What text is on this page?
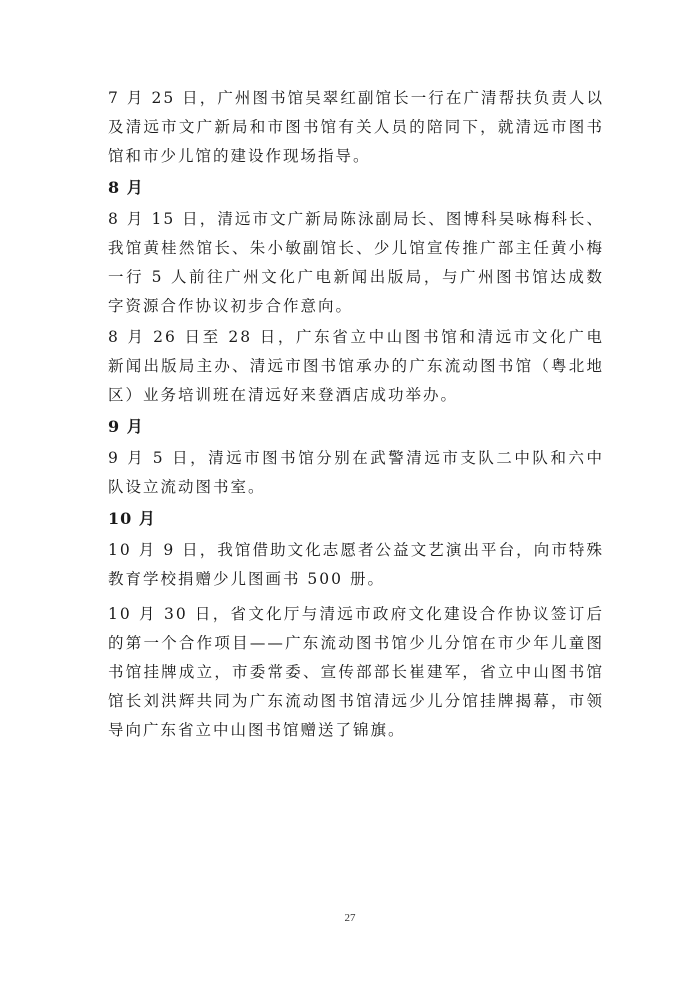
7 月 25 日，广州图书馆吴翠红副馆长一行在广清帮扶负责人以及清远市文广新局和市图书馆有关人员的陪同下，就清远市图书馆和市少儿馆的建设作现场指导。

8 月

8 月 15 日，清远市文广新局陈泳副局长、图博科吴咏梅科长、我馆黄桂然馆长、朱小敏副馆长、少儿馆宣传推广部主任黄小梅一行 5 人前往广州文化广电新闻出版局，与广州图书馆达成数字资源合作协议初步合作意向。

8 月 26 日至 28 日，广东省立中山图书馆和清远市文化广电新闻出版局主办、清远市图书馆承办的广东流动图书馆（粤北地区）业务培训班在清远好来登酒店成功举办。

9 月

9 月 5 日，清远市图书馆分别在武警清远市支队二中队和六中队设立流动图书室。

10 月

10 月 9 日，我馆借助文化志愿者公益文艺演出平台，向市特殊教育学校捐赠少儿图画书 500 册。

10 月 30 日，省文化厅与清远市政府文化建设合作协议签订后的第一个合作项目——广东流动图书馆少儿分馆在市少年儿童图书馆挂牌成立，市委常委、宣传部部长崔建军，省立中山图书馆馆长刘洪辉共同为广东流动图书馆清远少儿分馆挂牌揭幕，市领导向广东省立中山图书馆赠送了锦旗。

27
